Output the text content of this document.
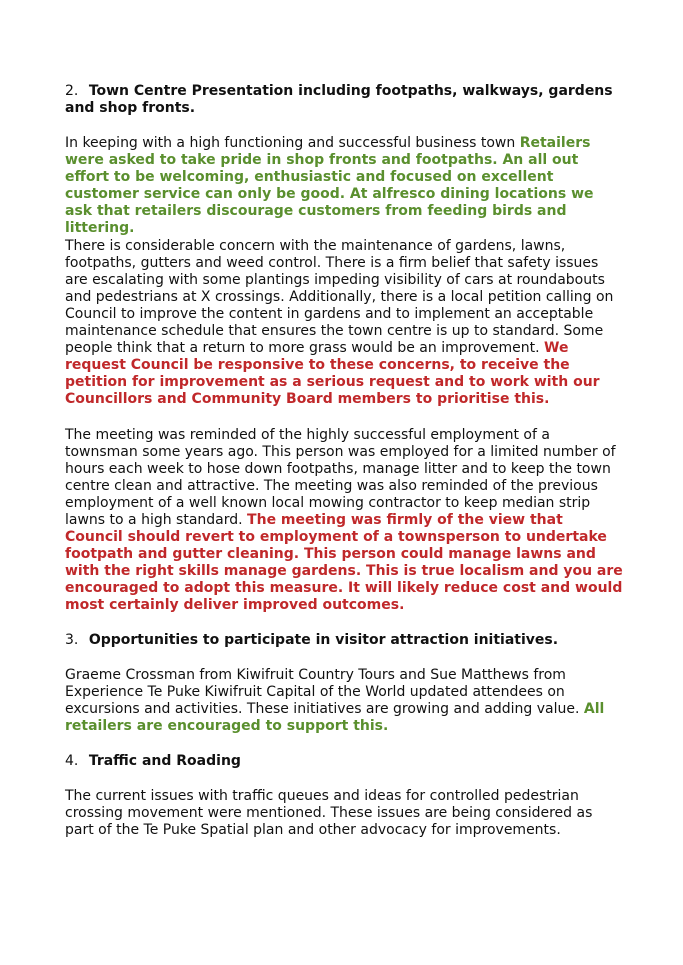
2. Town Centre Presentation including footpaths, walkways, gardens and shop fronts.

In keeping with a high functioning and successful business town Retailers were asked to take pride in shop fronts and footpaths. An all out effort to be welcoming, enthusiastic and focused on excellent customer service can only be good. At alfresco dining locations we ask that retailers discourage customers from feeding birds and littering.

There is considerable concern with the maintenance of gardens, lawns, footpaths, gutters and weed control. There is a firm belief that safety issues are escalating with some plantings impeding visibility of cars at roundabouts and pedestrians at X crossings. Additionally, there is a local petition calling on Council to improve the content in gardens and to implement an acceptable maintenance schedule that ensures the town centre is up to standard. Some people think that a return to more grass would be an improvement. We request Council be responsive to these concerns, to receive the petition for improvement as a serious request and to work with our Councillors and Community Board members to prioritise this.

The meeting was reminded of the highly successful employment of a townsman some years ago. This person was employed for a limited number of hours each week to hose down footpaths, manage litter and to keep the town centre clean and attractive. The meeting was also reminded of the previous employment of a well known local mowing contractor to keep median strip lawns to a high standard. The meeting was firmly of the view that Council should revert to employment of a townsperson to undertake footpath and gutter cleaning. This person could manage lawns and with the right skills manage gardens. This is true localism and you are encouraged to adopt this measure. It will likely reduce cost and would most certainly deliver improved outcomes.

3. Opportunities to participate in visitor attraction initiatives.

Graeme Crossman from Kiwifruit Country Tours and Sue Matthews from Experience Te Puke Kiwifruit Capital of the World updated attendees on excursions and activities. These initiatives are growing and adding value. All retailers are encouraged to support this.

4. Traffic and Roading

The current issues with traffic queues and ideas for controlled pedestrian crossing movement were mentioned. These issues are being considered as part of the Te Puke Spatial plan and other advocacy for improvements.
